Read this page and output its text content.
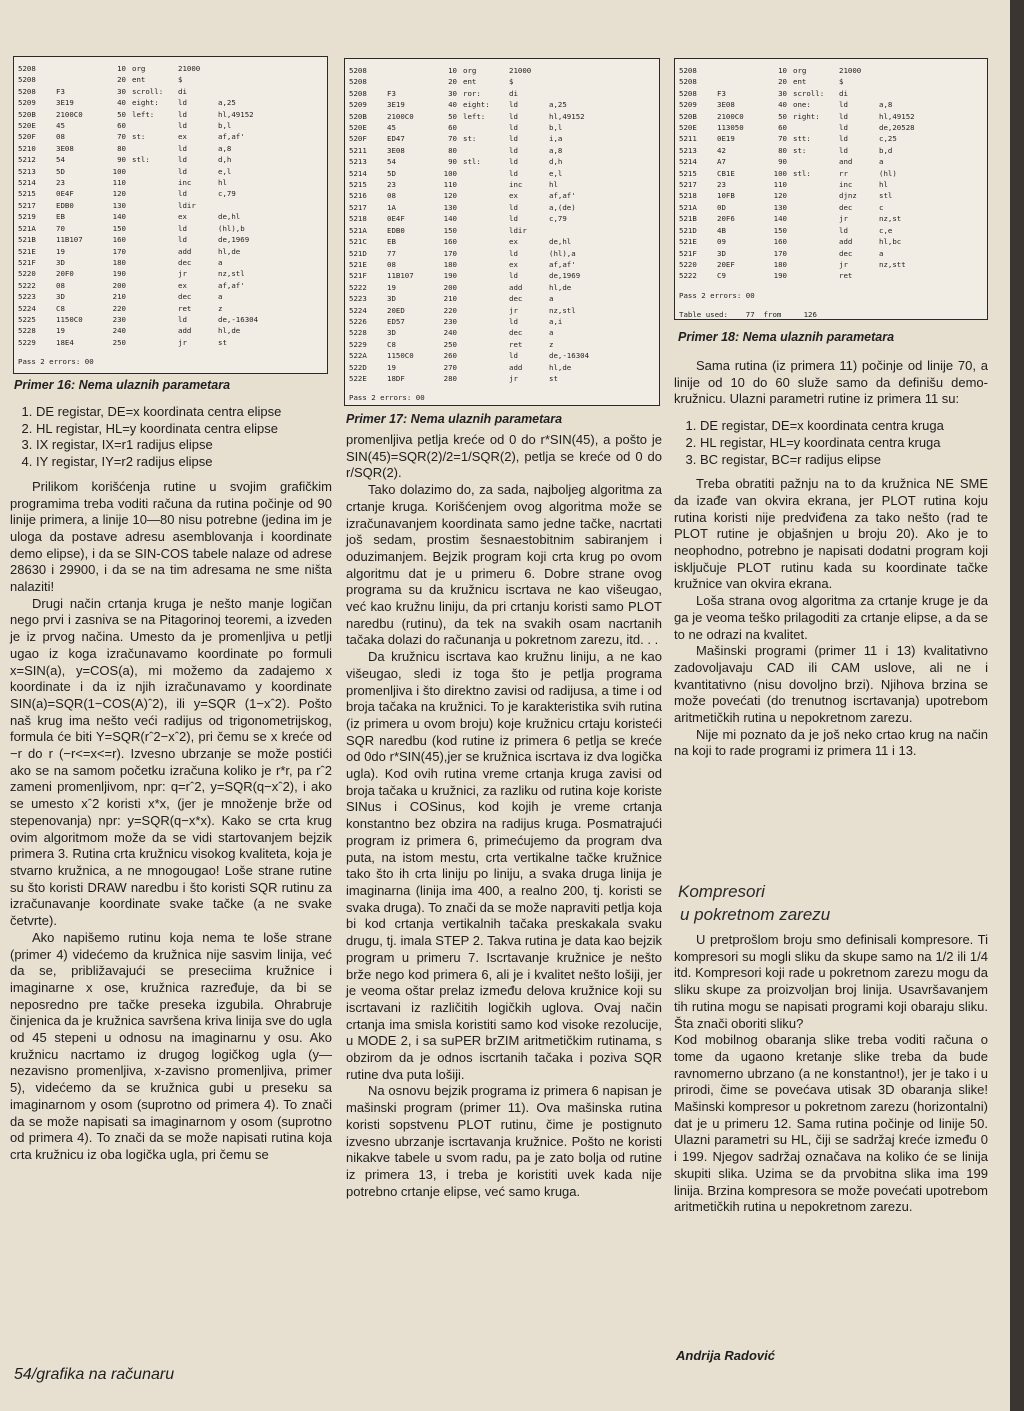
5208	10 org	21000
5208	20 ent	$
5208	F3	30 scroll:	di
5209	3E19	40 eight:	ld	a,25
520B	2100C0	50 left:	ld	hl,49152
520E	45	60	ld	b,l
520F	08	70 st:	ex	af,af'
5210	3E08	80	ld	a,8
5212	54	90 stl:	ld	d,h
5213	5D	100	ld	e,l
5214	23	110	inc	hl
5215	0E4F	120	ld	c,79
5217	EDB0	130	ldir
5219	EB	140	ex	de,hl
521A	70	150	ld	(hl),b
521B	11B107	160	ld	de,1969
521E	19	170	add	hl,de
521F	3D	180	dec	a
5220	20F0	190	jr	nz,stl
5222	08	200	ex	af,af'
5223	3D	210	dec	a
5224	C8	220	ret	z
5225	1150C0	230	ld	de,-16304
5228	19	240	add	hl,de
5229	18E4	250	jr	st
Pass 2 errors: 00
Primer 16: Nema ulaznih parametara
5208	10 org	21000
5208	20 ent	$
5208	F3	30 ror:	di
5209	3E19	40 eight:	ld	a,25
520B	2100C0	50 left:	ld	hl,49152
520E	45	60	ld	b,l
520F	ED47	70 st:	ld	i,a
5211	3E08	80	ld	a,8
5213	54	90 stl:	ld	d,h
5214	5D	100	ld	e,l
5215	23	110	inc	hl
5216	08	120	ex	af,af'
5217	1A	130	ld	a,(de)
5218	0E4F	140	ld	c,79
521A	EDB0	150	ldir
521C	EB	160	ex	de,hl
521D	77	170	ld	(hl),a
521E	08	180	ex	af,af'
521F	11B107	190	ld	de,1969
5222	19	200	add	hl,de
5223	3D	210	dec	a
5224	20ED	220	jr	nz,stl
5226	ED57	230	ld	a,i
5228	3D	240	dec	a
5229	C8	250	ret	z
522A	1150C0	260	ld	de,-16304
522D	19	270	add	hl,de
522E	18DF	280	jr	st
Pass 2 errors: 00
Primer 17: Nema ulaznih parametara
5208	10 org	21000
5208	20 ent	$
5208	F3	30 scroll:	di
5209	3E08	40 one:	ld	a,8
520B	2100C0	50 right:	ld	hl,49152
520E	113050	60	ld	de,20528
5211	0E19	70 stt:	ld	c,25
5213	42	80 st:	ld	b,d
5214	A7	90	and	a
5215	CB1E	100 stl:	rr	(hl)
5217	23	110	inc	hl
5218	10FB	120	djnz	stl
521A	0D	130	dec	c
521B	20F6	140	jr	nz,st
521D	4B	150	ld	c,e
521E	09	160	add	hl,bc
521F	3D	170	dec	a
5220	20EF	180	jr	nz,stt
5222	C9	190	ret
Pass 2 errors: 00
Table used:    77  from     126
Primer 18: Nema ulaznih parametara
1. DE registar, DE=x koordinata centra elipse
2. HL registar, HL=y koordinata centra elipse
3. IX registar, IX=r1 radijus elipse
4. IY registar, IY=r2 radijus elipse

Prilikom korišćenja rutine u svojim grafičkim programima treba voditi računa da rutina počinje od 90 linije primera, a linije 10—80 nisu potrebne (jedina im je uloga da postave adresu asemblovanja i koordinate demo elipse), i da se SIN-COS tabele nalaze od adrese 28630 i 29900, i da se na tim adresama ne sme ništa nalaziti!

Drugi način crtanja kruga je nešto manje logičan nego prvi i zasniva se na Pitagorinoj teoremi, a izveden je iz prvog načina. Umesto da je promenljiva u petlji ugao iz koga izračunavamo koordinate po formuli x=SIN(a), y=COS(a), mi možemo da zadajemo x koordinate i da iz njih izračunavamo y koordinate SIN(a)=SQR(1−COS(A)ˆ2), ili y=SQR (1−xˆ2). Pošto naš krug ima nešto veći radijus od trigonometrijskog, formula će biti Y=SQR(rˆ2−xˆ2), pri čemu se x kreće od −r do r (−r<=x<=r). Izvesno ubrzanje se može postići ako se na samom početku izračuna koliko je r*r, pa rˆ2 zameni promenljivom, npr: q=rˆ2, y=SQR(q−xˆ2), i ako se umesto xˆ2 koristi x*x, (jer je množenje brže od stepenovanja) npr: y=SQR(q−x*x). Kako se crta krug ovim algoritmom može da se vidi startovanjem bejzik primera 3. Rutina crta kružnicu visokog kvaliteta, koja je stvarno kružnica, a ne mnogougao! Loše strane rutine su što koristi DRAW naredbu i što koristi SQR rutinu za izračunavanje koordinate svake tačke (a ne svake četvrte).

Ako napišemo rutinu koja nema te loše strane (primer 4) videćemo da kružnica nije sasvim linija, već da se, približavajući se preseciima kružnice i imaginarne x ose, kružnica razređuje, da bi se neposredno pre tačke preseka izgubila. Ohrabruje činjenica da je kružnica savršena kriva linija sve do ugla od 45 stepeni u odnosu na imaginarnu y osu. Ako kružnicu nacrtamo iz drugog logičkog ugla (y—nezavisno promenljiva, x-zavisno promenljiva, primer 5), videćemo da se kružnica gubi u preseku sa imaginarnom y osom (suprotno od primera 4). To znači da se može napisati sa imaginarnom y osom (suprotno od primera 4). To znači da se može napisati rutina koja crta kružnicu iz oba logička ugla, pri čemu se

promenljiva petlja kreće od 0 do r*SIN(45), a pošto je SIN(45)=SQR(2)/2=1/SQR(2), petlja se kreće od 0 do r/SQR(2).

Tako dolazimo do, za sada, najboljeg algoritma za crtanje kruga. Korišćenjem ovog algoritma može se izračunavanjem koordinata samo jedne tačke, nacrtati još sedam, prostim šesnaestobitnim sabiranjem i oduzimanjem. Bejzik program koji crta krug po ovom algoritmu dat je u primeru 6. Dobre strane ovog programa su da kružnicu iscrtava ne kao višeugao, već kao kružnu liniju, da pri crtanju koristi samo PLOT naredbu (rutinu), da tek na svakih osam nacrtanih tačaka dolazi do računanja u pokretnom zarezu, itd. . .

Da kružnicu iscrtava kao kružnu liniju, a ne kao višeugao, sledi iz toga što je petlja programa promenljiva i što direktno zavisi od radijusa, a time i od broja tačaka na kružnici. To je karakteristika svih rutina (iz primera u ovom broju) koje kružnicu crtaju koristeći SQR naredbu (kod rutine iz primera 6 petlja se kreće od 0do r*SIN(45),jer se kružnica iscrtava iz dva logička ugla). Kod ovih rutina vreme crtanja kruga zavisi od broja tačaka u kružnici, za razliku od rutina koje koriste SINus i COSinus, kod kojih je vreme crtanja konstantno bez obzira na radijus kruga. Posmatrajući program iz primera 6, primećujemo da program dva puta, na istom mestu, crta vertikalne tačke kružnice tako što ih crta liniju po liniju, a svaka druga linija je imaginarna (linija ima 400, a realno 200, tj. koristi se svaka druga). To znači da se može napraviti petlja koja bi kod crtanja vertikalnih tačaka preskakala svaku drugu, tj. imala STEP 2. Takva rutina je data kao bejzik program u primeru 7. Iscrtavanje kružnice je nešto brže nego kod primera 6, ali je i kvalitet nešto lošiji, jer je veoma oštar prelaz između delova kružnice koji su iscrtavani iz različitih logičkih uglova. Ovaj način crtanja ima smisla koristiti samo kod visoke rezolucije, u MODE 2, i sa suPER brZIM aritmetičkim rutinama, s obzirom da je odnos iscrtanih tačaka i poziva SQR rutine dva puta lošiji.

Na osnovu bejzik programa iz primera 6 napisan je mašinski program (primer 11). Ova mašinska rutina koristi sopstvenu PLOT rutinu, čime je postignuto izvesno ubrzanje iscrtavanja kružnice. Pošto ne koristi nikakve tabele u svom radu, pa je zato bolja od rutine iz primera 13, i treba je koristiti uvek kada nije potrebno crtanje elipse, već samo kruga.

Sama rutina (iz primera 11) počinje od linije 70, a linije od 10 do 60 služe samo da definišu demo-kružnicu. Ulazni parametri rutine iz primera 11 su:

1. DE registar, DE=x koordinata centra kruga
2. HL registar, HL=y koordinata centra kruga
3. BC registar, BC=r radijus elipse

Treba obratiti pažnju na to da kružnica NE SME da izađe van okvira ekrana, jer PLOT rutina koju rutina koristi nije predviđena za tako nešto (rad te PLOT rutine je objašnjen u broju 20). Ako je to neophodno, potrebno je napisati dodatni program koji isključuje PLOT rutinu kada su koordinate tačke kružnice van okvira ekrana.

Loša strana ovog algoritma za crtanje kruge je da ga je veoma teško prilagoditi za crtanje elipse, a da se to ne odrazi na kvalitet.

Mašinski programi (primer 11 i 13) kvalitativno zadovoljavaju CAD ili CAM uslove, ali ne i kvantitativno (nisu dovoljno brzi). Njihova brzina se može povećati (do trenutnog iscrtavanja) upotrebom aritmetičkih rutina u nepokretnom zarezu.

Nije mi poznato da je još neko crtao krug na način na koji to rade programi iz primera 11 i 13.

Kompresori
u pokretnom zarezu

U pretprošlom broju smo definisali kompresore. Ti kompresori su mogli sliku da skupe samo na 1/2 ili 1/4 itd. Kompresori koji rade u pokretnom zarezu mogu da sliku skupe za proizvoljan broj linija. Usavršavanjem tih rutina mogu se napisati programi koji obaraju sliku. Šta znači oboriti sliku?

Kod mobilnog obaranja slike treba voditi računa o tome da ugaono kretanje slike treba da bude ravnomerno ubrzano (a ne konstantno!), jer je tako i u prirodi, čime se povećava utisak 3D obaranja slike! Mašinski kompresor u pokretnom zarezu (horizontalni) dat je u primeru 12. Sama rutina počinje od linije 50. Ulazni parametri su HL, čiji se sadržaj kreće između 0 i 199. Njegov sadržaj označava na koliko će se linija skupiti slika. Uzima se da prvobitna slika ima 199 linija. Brzina kompresora se može povećati upotrebom aritmetičkih rutina u nepokretnom zarezu.

54/grafika na računaru
Andrija Radović
